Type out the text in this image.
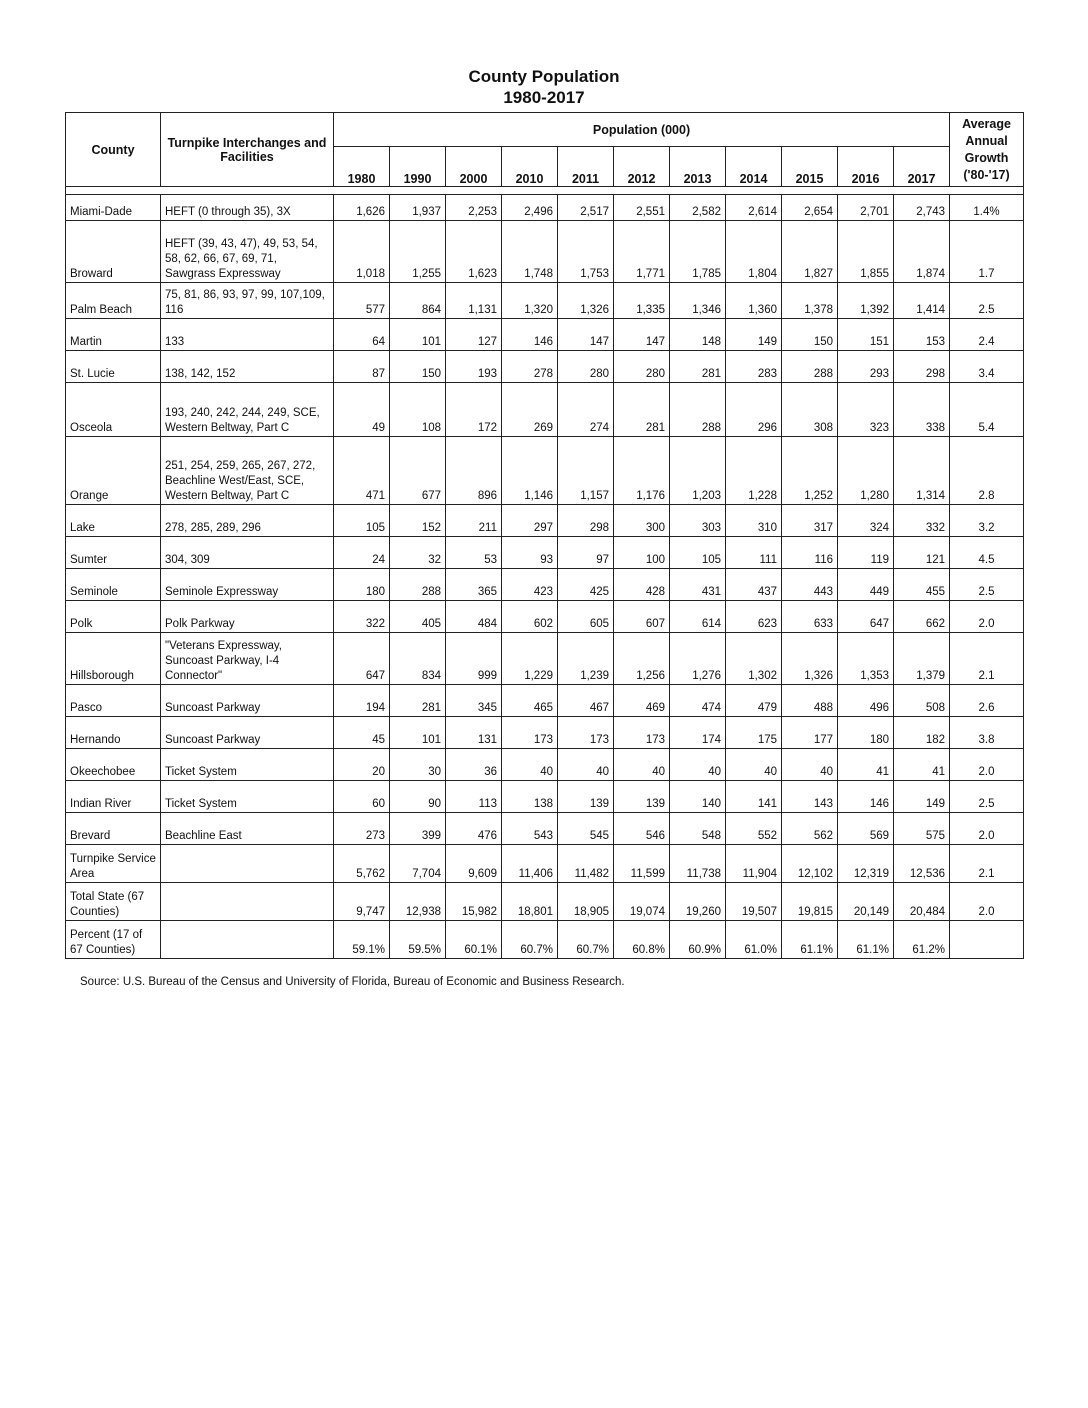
County Population
1980-2017
County	Turnpike Interchanges and Facilities	Population (000)											Average Annual Growth ('80-'17)
		1980	1990	2000	2010	2011	2012	2013	2014	2015	2016	2017	

Miami-Dade	HEFT (0 through 35), 3X	1,626	1,937	2,253	2,496	2,517	2,551	2,582	2,614	2,654	2,701	2,743	1.4%
Broward	HEFT (39, 43, 47), 49, 53, 54, 58, 62, 66, 67, 69, 71, Sawgrass Expressway	1,018	1,255	1,623	1,748	1,753	1,771	1,785	1,804	1,827	1,855	1,874	1.7
Palm Beach	75, 81, 86, 93, 97, 99, 107,109, 116	577	864	1,131	1,320	1,326	1,335	1,346	1,360	1,378	1,392	1,414	2.5
Martin	133	64	101	127	146	147	147	148	149	150	151	153	2.4
St. Lucie	138, 142, 152	87	150	193	278	280	280	281	283	288	293	298	3.4
Osceola	193, 240, 242, 244, 249, SCE, Western Beltway, Part C	49	108	172	269	274	281	288	296	308	323	338	5.4
Orange	251, 254, 259, 265, 267, 272, Beachline West/East, SCE, Western Beltway, Part C	471	677	896	1,146	1,157	1,176	1,203	1,228	1,252	1,280	1,314	2.8
Lake	278, 285, 289, 296	105	152	211	297	298	300	303	310	317	324	332	3.2
Sumter	304, 309	24	32	53	93	97	100	105	111	116	119	121	4.5
Seminole	Seminole Expressway	180	288	365	423	425	428	431	437	443	449	455	2.5
Polk	Polk Parkway	322	405	484	602	605	607	614	623	633	647	662	2.0
Hillsborough	"Veterans Expressway, Suncoast Parkway, I-4 Connector"	647	834	999	1,229	1,239	1,256	1,276	1,302	1,326	1,353	1,379	2.1
Pasco	Suncoast Parkway	194	281	345	465	467	469	474	479	488	496	508	2.6
Hernando	Suncoast Parkway	45	101	131	173	173	173	174	175	177	180	182	3.8
Okeechobee	Ticket System	20	30	36	40	40	40	40	40	40	41	41	2.0
Indian River	Ticket System	60	90	113	138	139	139	140	141	143	146	149	2.5
Brevard	Beachline East	273	399	476	543	545	546	548	552	562	569	575	2.0
Turnpike Service Area		5,762	7,704	9,609	11,406	11,482	11,599	11,738	11,904	12,102	12,319	12,536	2.1
Total State (67 Counties)		9,747	12,938	15,982	18,801	18,905	19,074	19,260	19,507	19,815	20,149	20,484	2.0
Percent (17 of 67 Counties)		59.1%	59.5%	60.1%	60.7%	60.7%	60.8%	60.9%	61.0%	61.1%	61.1%	61.2%	
Source: U.S. Bureau of the Census and University of Florida, Bureau of Economic and Business Research.
